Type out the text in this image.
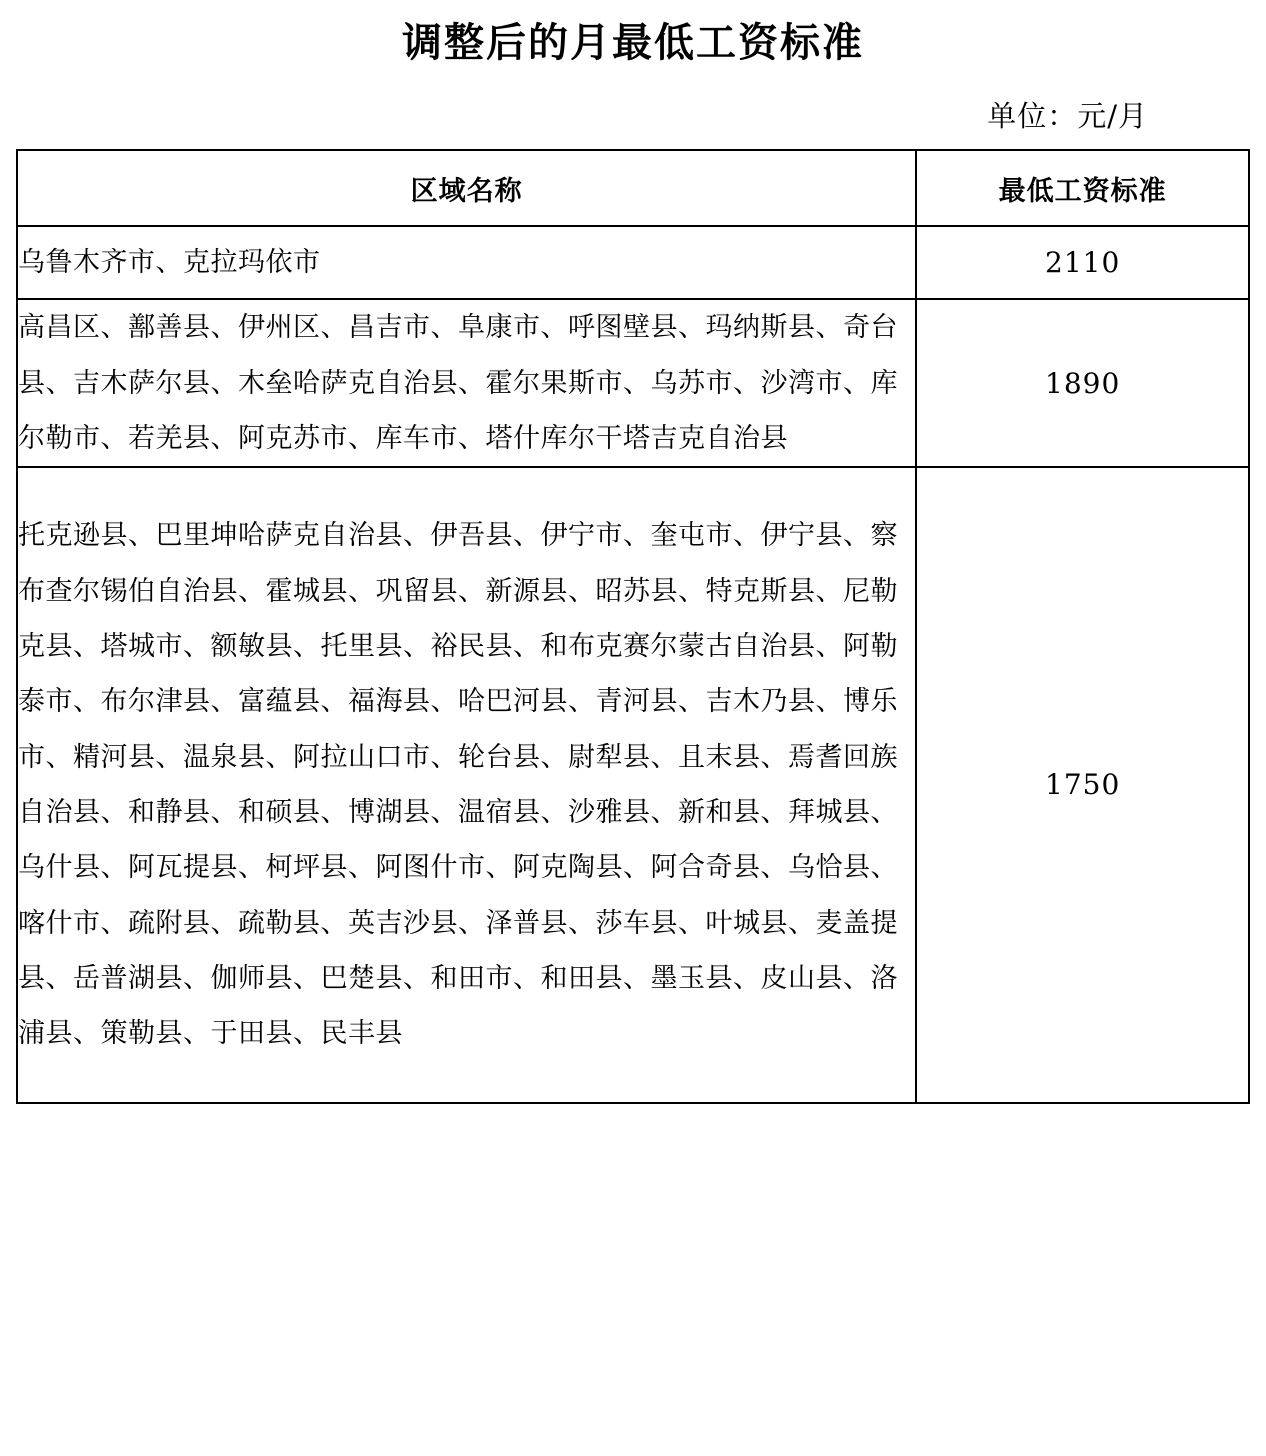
调整后的月最低工资标准
单位：元/月
区域名称	最低工资标准
乌鲁木齐市、克拉玛依市	2110
高昌区、鄯善县、伊州区、昌吉市、阜康市、呼图壁县、玛纳斯县、奇台县、吉木萨尔县、木垒哈萨克自治县、霍尔果斯市、乌苏市、沙湾市、库尔勒市、若羌县、阿克苏市、库车市、塔什库尔干塔吉克自治县	1890
托克逊县、巴里坤哈萨克自治县、伊吾县、伊宁市、奎屯市、伊宁县、察布查尔锡伯自治县、霍城县、巩留县、新源县、昭苏县、特克斯县、尼勒克县、塔城市、额敏县、托里县、裕民县、和布克赛尔蒙古自治县、阿勒泰市、布尔津县、富蕴县、福海县、哈巴河县、青河县、吉木乃县、博乐市、精河县、温泉县、阿拉山口市、轮台县、尉犁县、且末县、焉耆回族自治县、和静县、和硕县、博湖县、温宿县、沙雅县、新和县、拜城县、乌什县、阿瓦提县、柯坪县、阿图什市、阿克陶县、阿合奇县、乌恰县、喀什市、疏附县、疏勒县、英吉沙县、泽普县、莎车县、叶城县、麦盖提县、岳普湖县、伽师县、巴楚县、和田市、和田县、墨玉县、皮山县、洛浦县、策勒县、于田县、民丰县	1750
